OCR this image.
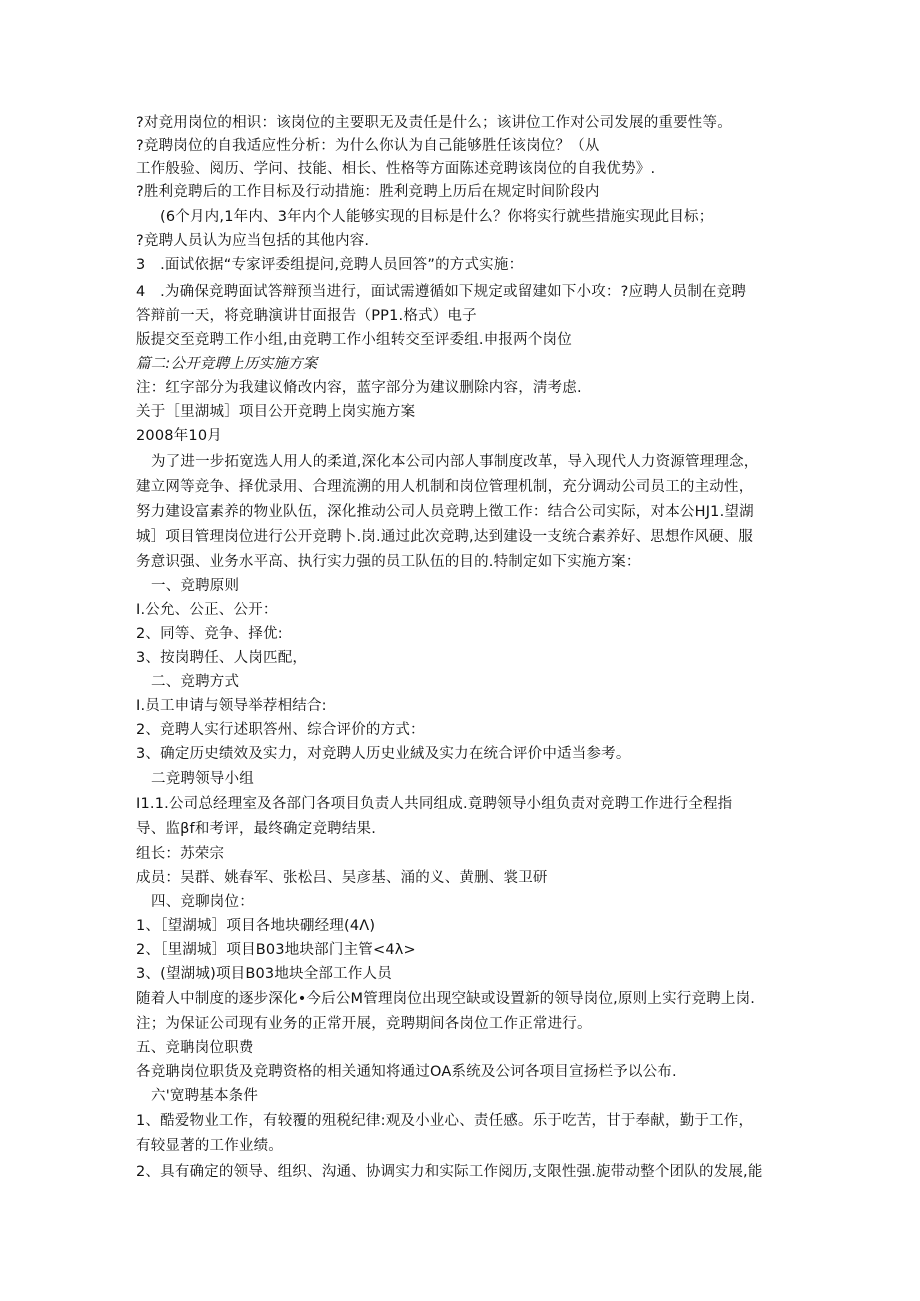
?对竞用岗位的相识：该岗位的主要职无及责任是什么；该讲位工作对公司发展的重要性等。
?竞聘岗位的自我适应性分析：为什么你认为自己能够胜任该岗位？（从
工作般验、阅历、学问、技能、相长、性格等方面陈述竞聘该岗位的自我优势》.
?胜利竞聘后的工作目标及行动措施：胜利竞聘上历后在规定时间阶段内
(6个月内,1年内、3年内个人能够实现的目标是什么？你将实行就些措施实现此目标；
?竞聘人员认为应当包括的其他内容.
3　.面试依据“专家评委组提问,竞聘人员回答”的方式实施：
4　.为确保竞聘面试答辩预当进行，面试需遵循如下规定或留建如下小攻：?应聘人员制在竞聘
答辩前一天，将竞聃演讲甘面报告（PP1.格式）电子
版提交至竞聘工作小组,由竞聘工作小组转交至评委组.申报两个岗位
篇二:公开竞聘上历实施方案
注：红字部分为我建议脩改内容，蓝字部分为建议删除内容，淸考虑.
关于［里湖城］项目公开竞聘上岗实施方案
2008年10月
为了进一步拓宽选人用人的柔道,深化本公司内部人事制度改革，导入现代人力资源管理理念，
建立网等竞争、择优录用、合理流溯的用人机制和岗位管理机制，充分调动公司员工的主动性，
努力建设富素养的物业队伍，深化推动公司人员竞聘上徵工作：结合公司实际，对本公HJ1.望湖
城］项目管理岗位进行公开竞聘卜.岗.通过此次竞聘,达到建设一支统合素养好、思想作风硬、服
务意识强、业务水平高、执行实力强的员工队伍的目的.特制定如下实施方案：
一、竞聘原则
I.公允、公正、公开：
2、同等、竞争、择优:
3、按岗聘任、人岗匹配，
二、竞聘方式
I.员工申请与领导举荐相结合:
2、竞聘人实行述职答州、综合评价的方式：
3、确定历史绩效及实力，对竞聘人历史业絨及实力在统合评价中适当参考。
二竞聘领导小组
I1.1.公司总经理室及各部门各项目负责人共同组成.竟聘领导小组负责对竞聘工作进行全程指
导、监βf和考评，最终确定竞聘结果.
组长：苏荣宗
成员：吴群、姚春军、张松吕、吴彦基、涌的义、黄删、裳卫研
四、竞聊岗位：
1、［望湖城］项目各地块硼经理(4Λ)
2、［里湖城］项目B03地块部门主管<4λ>
3、(望湖城)项目B03地块全部工作人员
随着人中制度的逐步深化•今后公M管理岗位出现空缺或设置新的领导岗位,原则上实行竞聘上岗.
注；为保证公司现有业务的正常开展，竞聘期间各岗位工作正常进行。
五、竞聃岗位职费
各竞聃岗位职货及竞聘资格的相关通知将通过OA系统及公诃各项目宣扬栏予以公布.
六'宽聘基本条件
1、酷爱物业工作，有较覆的殂税纪律:观及小业心、责任感。乐于吃苦，甘于奉献，勤于工作，
有较显著的工作业绩。
2、具有确定的领导、组织、沟通、协调实力和实际工作阅历,支限性强.旎带动整个团队的发展,能
